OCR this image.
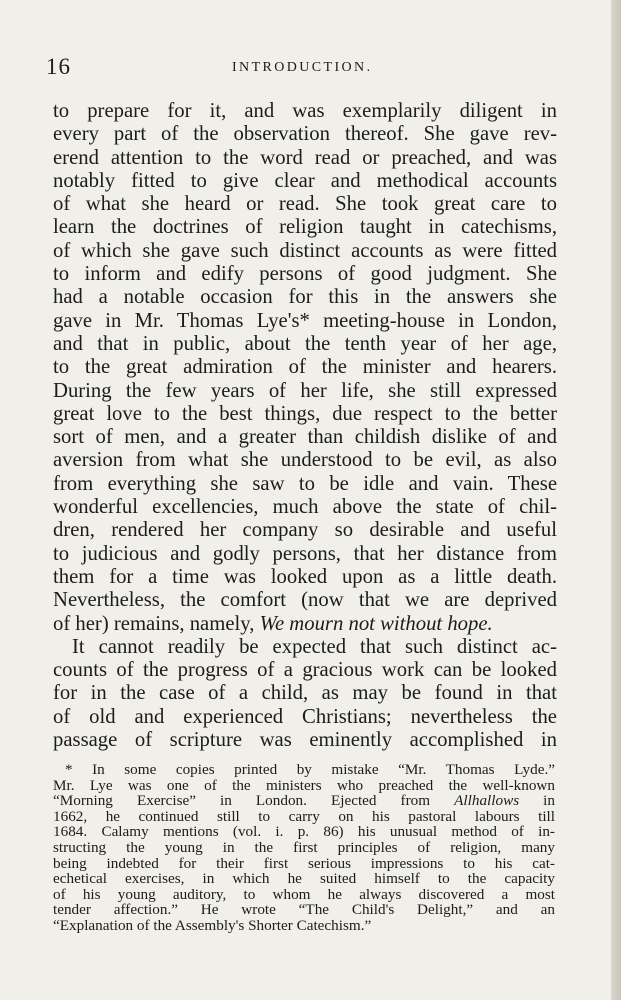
16	INTRODUCTION.
to prepare for it, and was exemplarily diligent in
every part of the observation thereof. She gave rev-
erend attention to the word read or preached, and was
notably fitted to give clear and methodical accounts
of what she heard or read. She took great care to
learn the doctrines of religion taught in catechisms,
of which she gave such distinct accounts as were fitted
to inform and edify persons of good judgment. She
had a notable occasion for this in the answers she
gave in Mr. Thomas Lye's* meeting-house in London,
and that in public, about the tenth year of her age,
to the great admiration of the minister and hearers.
During the few years of her life, she still expressed
great love to the best things, due respect to the better
sort of men, and a greater than childish dislike of and
aversion from what she understood to be evil, as also
from everything she saw to be idle and vain. These
wonderful excellencies, much above the state of chil-
dren, rendered her company so desirable and useful
to judicious and godly persons, that her distance from
them for a time was looked upon as a little death.
Nevertheless, the comfort (now that we are deprived
of her) remains, namely, We mourn not without hope.
It cannot readily be expected that such distinct ac-
counts of the progress of a gracious work can be looked
for in the case of a child, as may be found in that
of old and experienced Christians; nevertheless the
passage of scripture was eminently accomplished in
* In some copies printed by mistake “Mr. Thomas Lyde.”
Mr. Lye was one of the ministers who preached the well-known
“Morning Exercise” in London. Ejected from Allhallows in
1662, he continued still to carry on his pastoral labours till
1684. Calamy mentions (vol. i. p. 86) his unusual method of in-
structing the young in the first principles of religion, many
being indebted for their first serious impressions to his cat-
echetical exercises, in which he suited himself to the capacity
of his young auditory, to whom he always discovered a most
tender affection.” He wrote “The Child's Delight,” and an
“Explanation of the Assembly's Shorter Catechism.”
